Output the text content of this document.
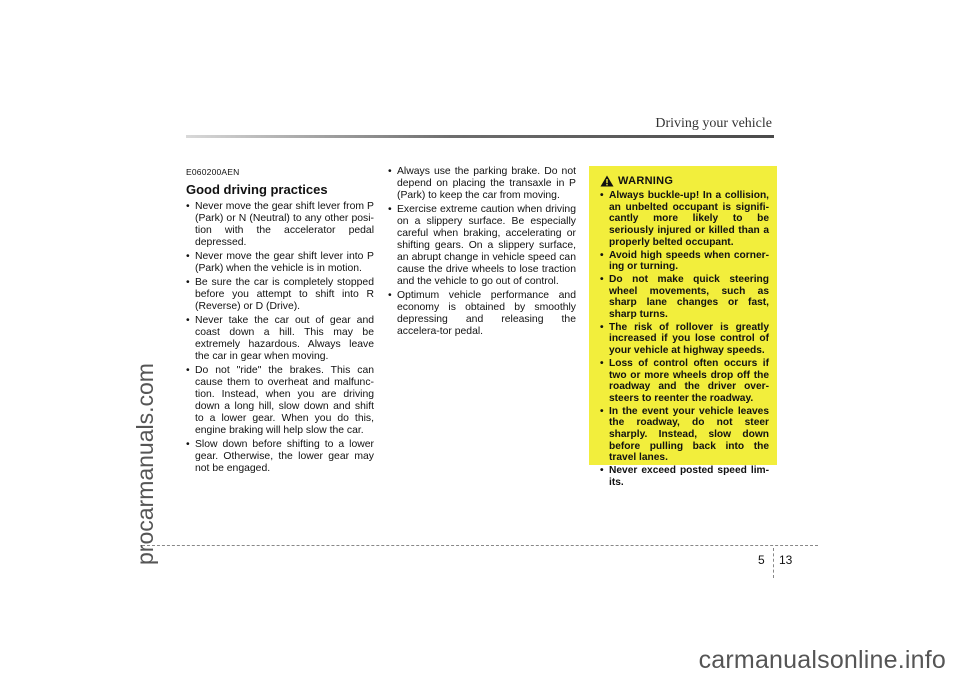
Driving your vehicle
procarmanuals.com
E060200AEN
Good driving practices
• Never move the gear shift lever from P (Park) or N (Neutral) to any other posi-tion with the accelerator pedal depressed.
• Never move the gear shift lever into P (Park) when the vehicle is in motion.
• Be sure the car is completely stopped before you attempt to shift into R (Reverse) or D (Drive).
• Never take the car out of gear and coast down a hill. This may be extremely hazardous. Always leave the car in gear when moving.
• Do not "ride" the brakes. This can cause them to overheat and malfunc-tion. Instead, when you are driving down a long hill, slow down and shift to a lower gear. When you do this, engine braking will help slow the car.
• Slow down before shifting to a lower gear. Otherwise, the lower gear may not be engaged.
• Always use the parking brake. Do not depend on placing the transaxle in P (Park) to keep the car from moving.
• Exercise extreme caution when driving on a slippery surface. Be especially careful when braking, accelerating or shifting gears. On a slippery surface, an abrupt change in vehicle speed can cause the drive wheels to lose traction and the vehicle to go out of control.
• Optimum vehicle performance and economy is obtained by smoothly depressing and releasing the accelera-tor pedal.
WARNING
• Always buckle-up! In a collision, an unbelted occupant is signifi-cantly more likely to be seriously injured or killed than a properly belted occupant.
• Avoid high speeds when corner-ing or turning.
• Do not make quick steering wheel movements, such as sharp lane changes or fast, sharp turns.
• The risk of rollover is greatly increased if you lose control of your vehicle at highway speeds.
• Loss of control often occurs if two or more wheels drop off the roadway and the driver over-steers to reenter the roadway.
• In the event your vehicle leaves the roadway, do not steer sharply. Instead, slow down before pulling back into the travel lanes.
• Never exceed posted speed lim-its.
5 13
carmanualsonline.info
